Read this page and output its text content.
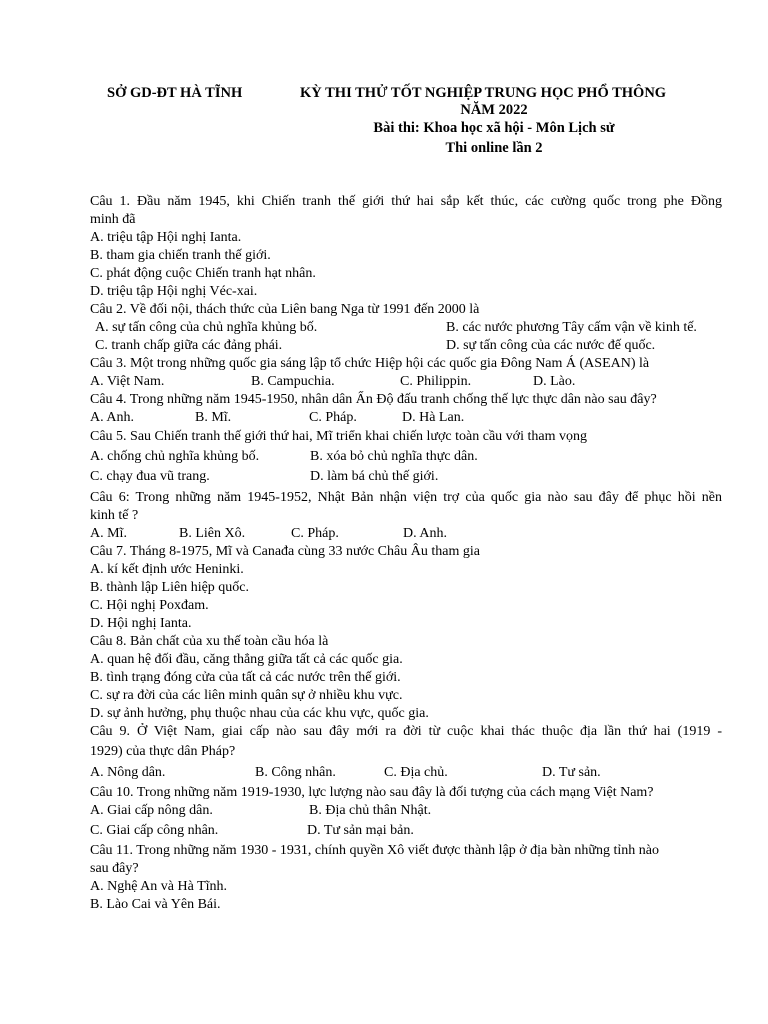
SỞ GD-ĐT HÀ TĨNH	KỲ THI THỬ TỐT NGHIỆP TRUNG HỌC PHỔ THÔNG
NĂM 2022
Bài thi: Khoa học xã hội - Môn Lịch sử
Thi online lần 2
Câu 1. Đầu năm 1945, khi Chiến tranh thế giới thứ hai sắp kết thúc, các cường quốc trong phe Đồng
minh đã
A. triệu tập Hội nghị Ianta.
B. tham gia chiến tranh thế giới.
C. phát động cuộc Chiến tranh hạt nhân.
D. triệu tập Hội nghị Véc-xai.
Câu 2. Về đối nội, thách thức của Liên bang Nga từ 1991 đến 2000 là
A. sự tấn công của chủ nghĩa khủng bố.	B. các nước phương Tây cấm vận về kinh tế.
C. tranh chấp giữa các đảng phái.	D. sự tấn công của các nước đế quốc.
Câu 3. Một trong những quốc gia sáng lập tổ chức Hiệp hội các quốc gia Đông Nam Á (ASEAN) là
A. Việt Nam.	B. Campuchia.	C. Philippin.	D. Lào.
Câu 4. Trong những năm 1945-1950, nhân dân Ấn Độ đấu tranh chống thế lực thực dân nào sau đây?
A. Anh.	B. Mĩ.	C. Pháp.	D. Hà Lan.
Câu 5. Sau Chiến tranh thế giới thứ hai, Mĩ triển khai chiến lược toàn cầu với tham vọng
A. chống chủ nghĩa khủng bố.	B. xóa bỏ chủ nghĩa thực dân.
C. chạy đua vũ trang.	D. làm bá chủ thế giới.
Câu 6: Trong những năm 1945-1952, Nhật Bản nhận viện trợ của quốc gia nào sau đây để phục hồi nền
kinh tế ?
A. Mĩ.	B. Liên Xô.	C. Pháp.	D. Anh.
Câu 7. Tháng 8-1975, Mĩ và Canađa cùng 33 nước Châu Âu tham gia
A. kí kết định ước Heninki.
B. thành lập Liên hiệp quốc.
C. Hội nghị Poxđam.
D. Hội nghị Ianta.
Câu 8. Bản chất của xu thế toàn cầu hóa là
A. quan hệ đối đầu, căng thẳng giữa tất cả các quốc gia.
B. tình trạng đóng cửa của tất cả các nước trên thế giới.
C. sự ra đời của các liên minh quân sự ở nhiều khu vực.
D. sự ảnh hưởng, phụ thuộc nhau của các khu vực, quốc gia.
Câu 9. Ở Việt Nam, giai cấp nào sau đây mới ra đời từ cuộc khai thác thuộc địa lần thứ hai (1919 -
1929) của thực dân Pháp?
A. Nông dân.	B. Công nhân.	C. Địa chủ.	D. Tư sản.
Câu 10. Trong những năm 1919-1930, lực lượng nào sau đây là đối tượng của cách mạng Việt Nam?
A. Giai cấp nông dân.	B. Địa chủ thân Nhật.
C. Giai cấp công nhân.	D. Tư sản mại bản.
Câu 11. Trong những năm 1930 - 1931, chính quyền Xô viết được thành lập ở địa bàn những tỉnh nào
sau đây?
A. Nghệ An và Hà Tĩnh.
B. Lào Cai và Yên Bái.
